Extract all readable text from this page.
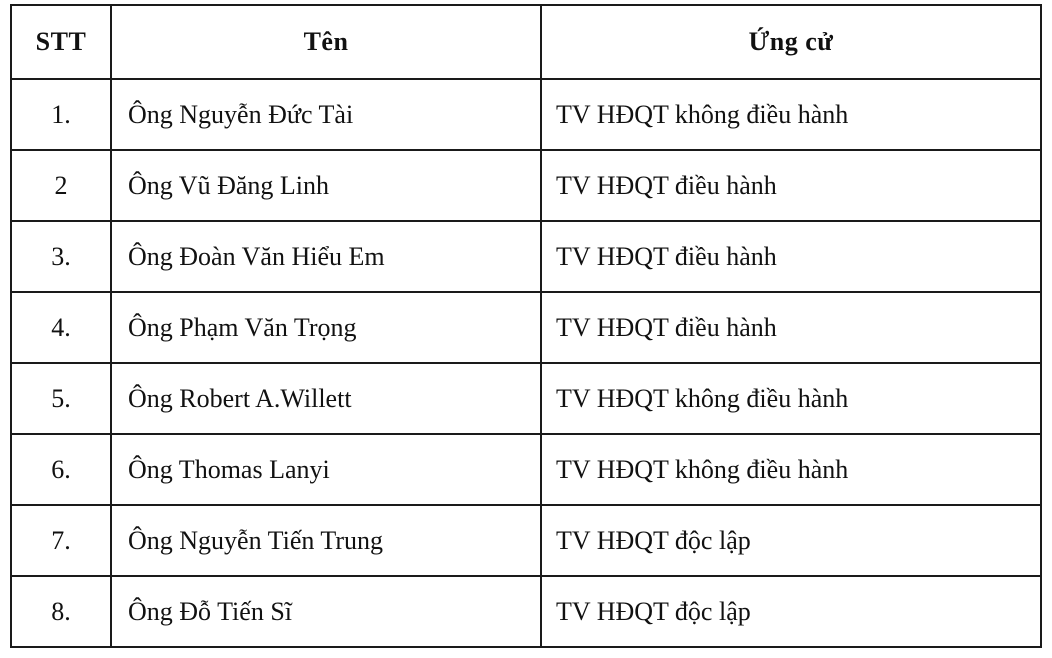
STT	Tên	Ứng cử
1.	Ông Nguyễn Đức Tài	TV HĐQT không điều hành
2	Ông Vũ Đăng Linh	TV HĐQT điều hành
3.	Ông Đoàn Văn Hiểu Em	TV HĐQT điều hành
4.	Ông Phạm Văn Trọng	TV HĐQT điều hành
5.	Ông Robert A.Willett	TV HĐQT không điều hành
6.	Ông Thomas Lanyi	TV HĐQT không điều hành
7.	Ông Nguyễn Tiến Trung	TV HĐQT độc lập
8.	Ông Đỗ Tiến Sĩ	TV HĐQT độc lập
